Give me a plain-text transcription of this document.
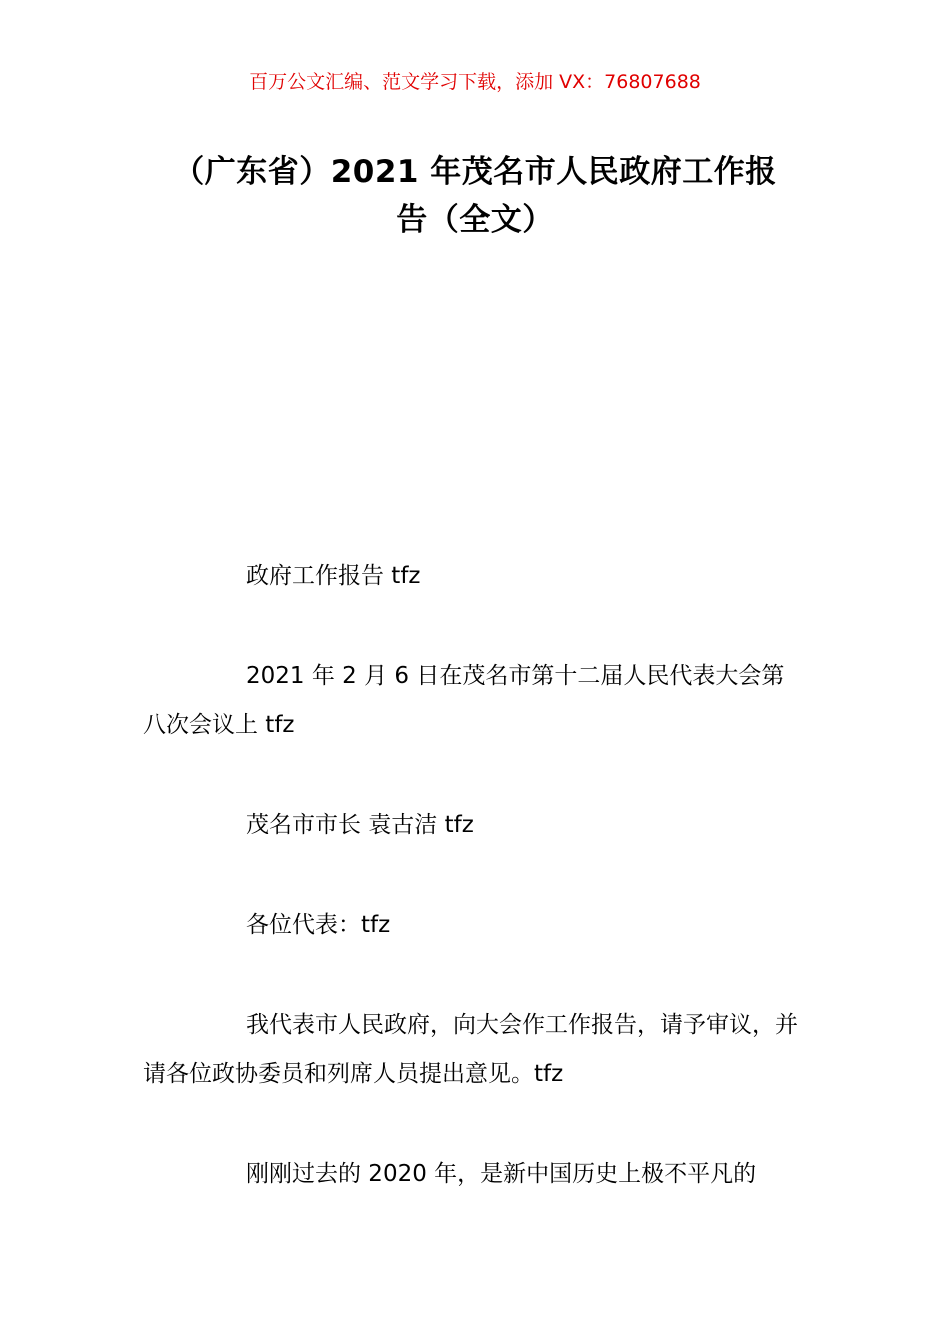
百万公文汇编、范文学习下载，添加 VX：76807688
（广东省）2021 年茂名市人民政府工作报
告（全文）

政府工作报告 tfz

2021 年 2 月 6 日在茂名市第十二届人民代表大会第八次会议上 tfz

茂名市市长 袁古洁 tfz

各位代表：tfz

我代表市人民政府，向大会作工作报告，请予审议，并请各位政协委员和列席人员提出意见。tfz

刚刚过去的 2020 年，是新中国历史上极不平凡的
